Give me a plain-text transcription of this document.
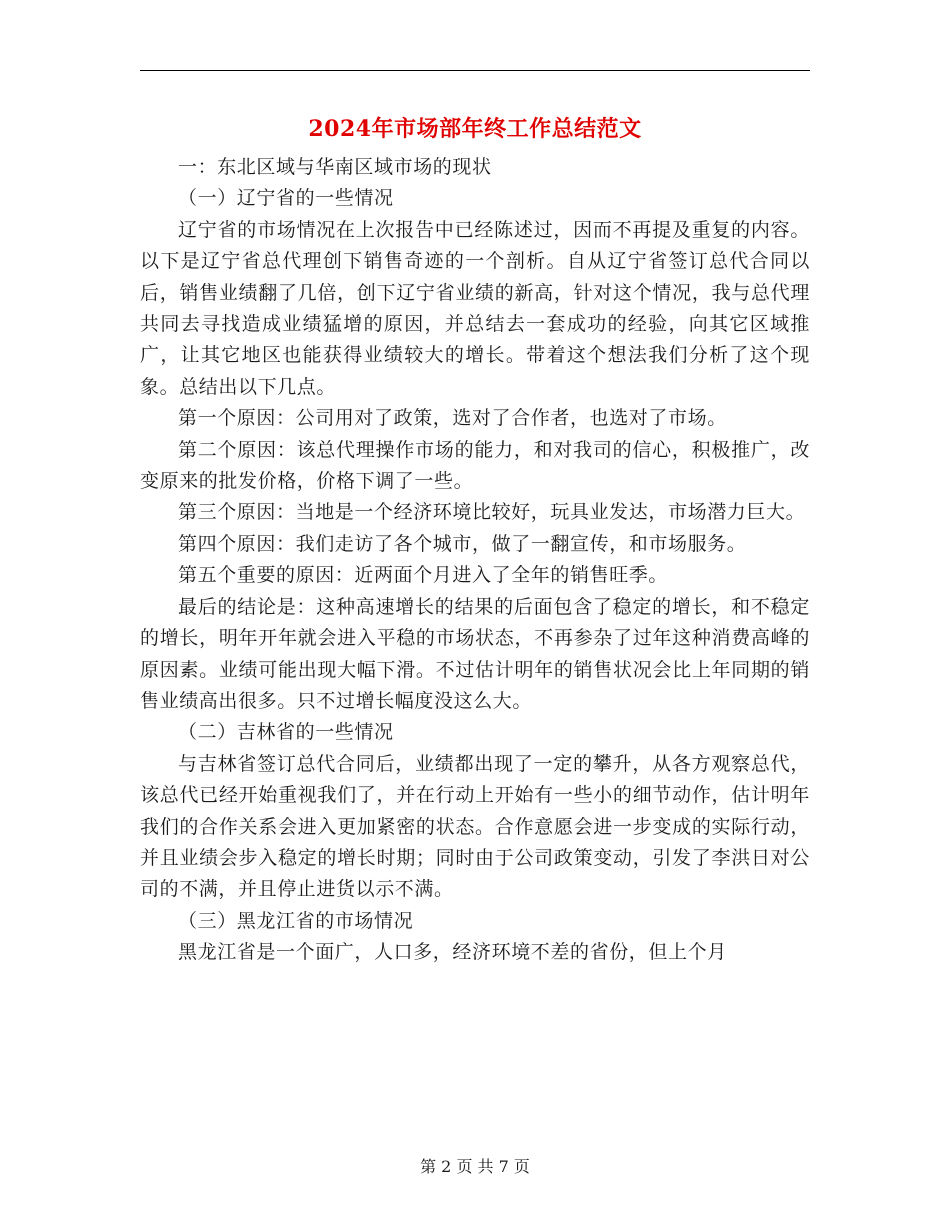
2024年市场部年终工作总结范文

一：东北区域与华南区域市场的现状

（一）辽宁省的一些情况

辽宁省的市场情况在上次报告中已经陈述过，因而不再提及重复的内容。以下是辽宁省总代理创下销售奇迹的一个剖析。自从辽宁省签订总代合同以后，销售业绩翻了几倍，创下辽宁省业绩的新高，针对这个情况，我与总代理共同去寻找造成业绩猛增的原因，并总结去一套成功的经验，向其它区域推广，让其它地区也能获得业绩较大的增长。带着这个想法我们分析了这个现象。总结出以下几点。

第一个原因：公司用对了政策，选对了合作者，也选对了市场。

第二个原因：该总代理操作市场的能力，和对我司的信心，积极推广，改变原来的批发价格，价格下调了一些。

第三个原因：当地是一个经济环境比较好，玩具业发达，市场潜力巨大。

第四个原因：我们走访了各个城市，做了一翻宣传，和市场服务。

第五个重要的原因：近两面个月进入了全年的销售旺季。

最后的结论是：这种高速增长的结果的后面包含了稳定的增长，和不稳定的增长，明年开年就会进入平稳的市场状态，不再参杂了过年这种消费高峰的原因素。业绩可能出现大幅下滑。不过估计明年的销售状况会比上年同期的销售业绩高出很多。只不过增长幅度没这么大。

（二）吉林省的一些情况

与吉林省签订总代合同后，业绩都出现了一定的攀升，从各方观察总代，该总代已经开始重视我们了，并在行动上开始有一些小的细节动作，估计明年我们的合作关系会进入更加紧密的状态。合作意愿会进一步变成的实际行动，并且业绩会步入稳定的增长时期；同时由于公司政策变动，引发了李洪日对公司的不满，并且停止进货以示不满。

（三）黑龙江省的市场情况

黑龙江省是一个面广，人口多，经济环境不差的省份，但上个月

第 2 页 共 7 页
